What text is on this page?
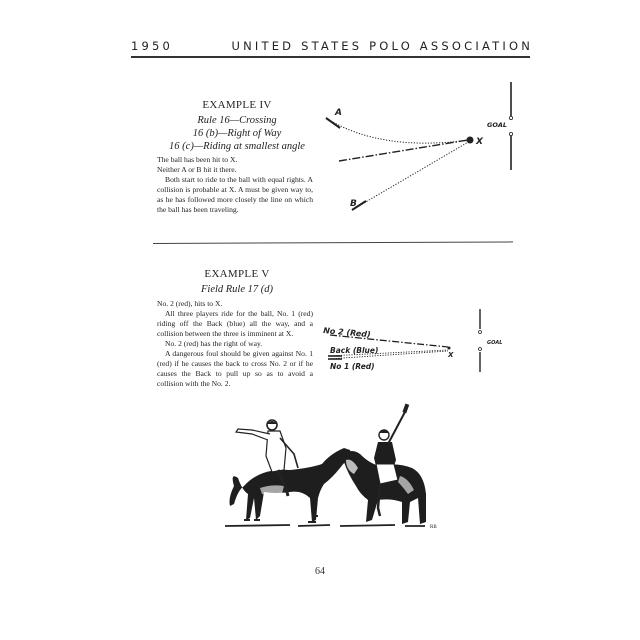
1950	UNITED STATES POLO ASSOCIATION
EXAMPLE IV
Rule 16—Crossing
16 (b)—Right of Way
16 (c)—Riding at smallest angle

The ball has been hit to X.

Neither A or B hit it there.

Both start to ride to the ball with equal rights. A collision is probable at X. A must be given way to, as he has followed more closely the line on which the ball has been traveling.

GOAL
A
B
X
EXAMPLE V
Field Rule 17 (d)

No. 2 (red), hits to X.

All three players ride for the ball, No. 1 (red) riding off the Back (blue) all the way, and a collision between the three is imminent at X.

No. 2 (red) has the right of way.

A dangerous foul should be given against No. 1 (red) if he causes the back to cross No. 2 or if he causes the Back to pull up so as to avoid a collision with the No. 2.

GOAL
No 2 (Red)
Back (Blue)
No 1 (Red)
X
RB
64
